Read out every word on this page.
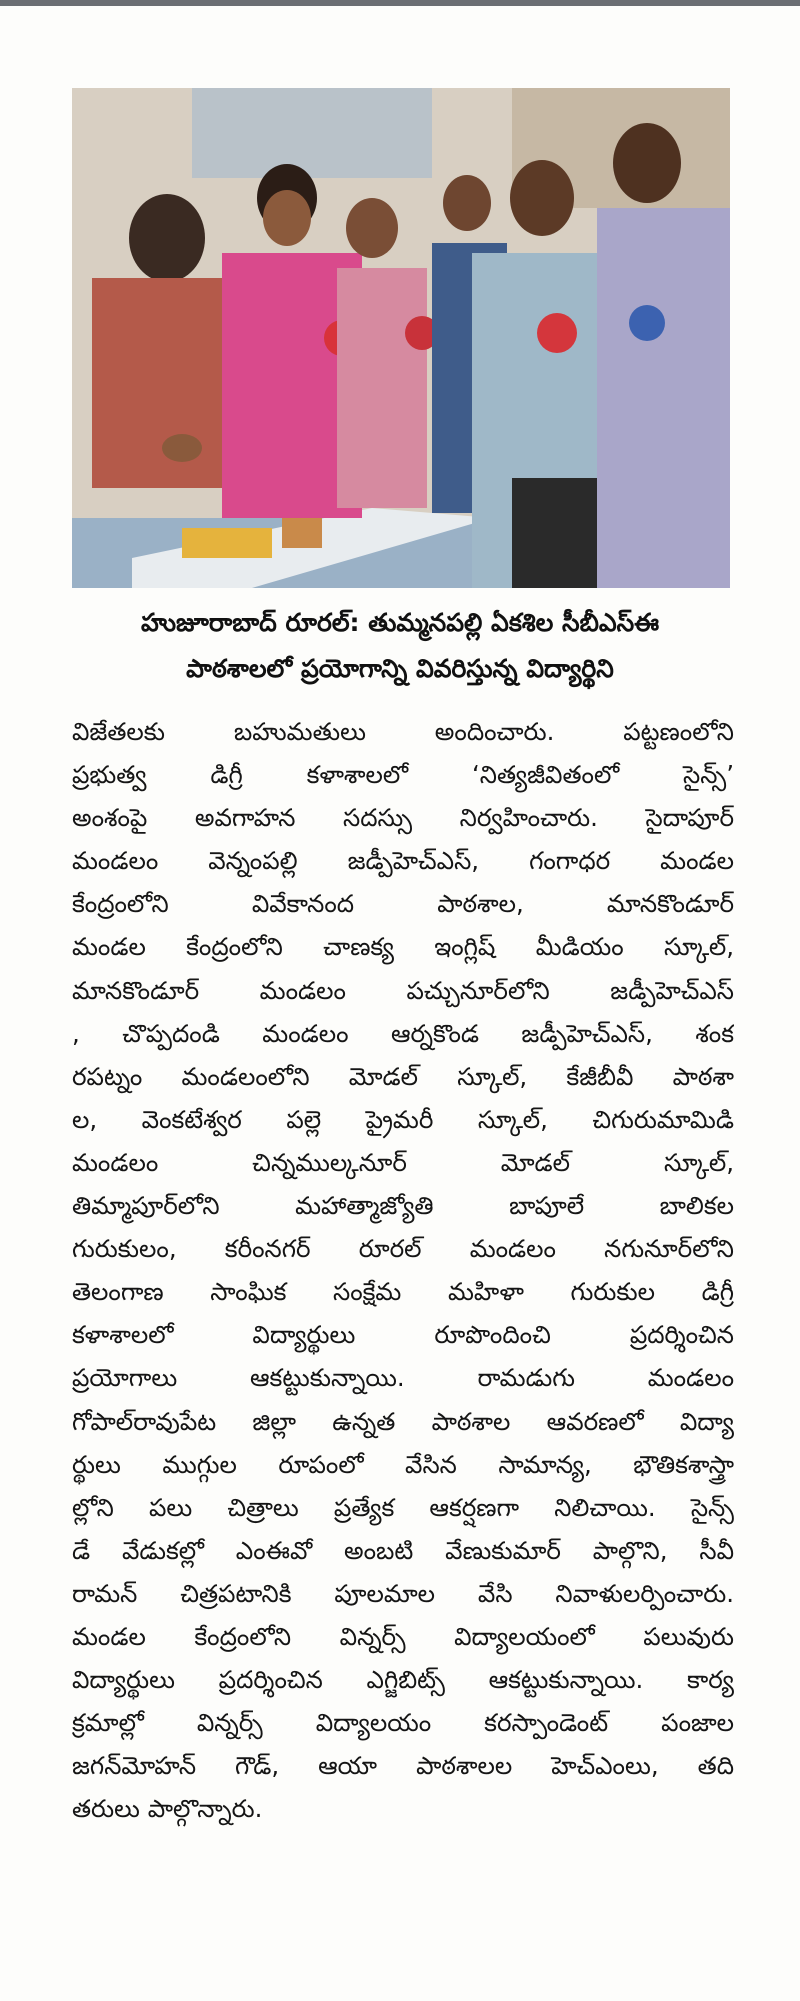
హుజూరాబాద్ రూరల్: తుమ్మనపల్లి ఏకశిల సీబీఎస్ఈ
పాఠశాలలో ప్రయోగాన్ని వివరిస్తున్న విద్యార్థిని
విజేతలకు బహుమతులు అందించారు. పట్టణంలోని
ప్రభుత్వ డిగ్రీ కళాశాలలో ‘నిత్యజీవితంలో సైన్స్’
అంశంపై అవగాహన సదస్సు నిర్వహించారు. సైదాపూర్
మండలం వెన్నంపల్లి జడ్పీహెచ్ఎస్, గంగాధర మండల
కేంద్రంలోని వివేకానంద పాఠశాల, మానకొండూర్
మండల కేంద్రంలోని చాణక్య ఇంగ్లిష్ మీడియం స్కూల్,
మానకొండూర్ మండలం పచ్చునూర్‌లోని జడ్పీహెచ్ఎస్
, చొప్పదండి మండలం ఆర్నకొండ జడ్పీహెచ్ఎస్, శంక
రపట్నం మండలంలోని మోడల్ స్కూల్, కేజీబీవీ పాఠశా
ల, వెంకటేశ్వర పల్లె ప్రైమరీ స్కూల్, చిగురుమామిడి
మండలం చిన్నముల్కనూర్ మోడల్ స్కూల్,
తిమ్మాపూర్‌లోని మహాత్మాజ్యోతి బాపూలే బాలికల
గురుకులం, కరీంనగర్ రూరల్ మండలం నగునూర్‌లోని
తెలంగాణ సాంఘిక సంక్షేమ మహిళా గురుకుల డిగ్రీ
కళాశాలలో విద్యార్థులు రూపొందించి ప్రదర్శించిన
ప్రయోగాలు ఆకట్టుకున్నాయి. రామడుగు మండలం
గోపాల్‌రావుపేట జిల్లా ఉన్నత పాఠశాల ఆవరణలో విద్యా
ర్థులు ముగ్గుల రూపంలో వేసిన సామాన్య, భౌతికశాస్త్రా
ల్లోని పలు చిత్రాలు ప్రత్యేక ఆకర్షణగా నిలిచాయి. సైన్స్
డే వేడుకల్లో ఎంఈవో అంబటి వేణుకుమార్ పాల్గొని, సీవీ
రామన్ చిత్రపటానికి పూలమాల వేసి నివాళులర్పించారు.
మండల కేంద్రంలోని విన్నర్స్ విద్యాలయంలో పలువురు
విద్యార్థులు ప్రదర్శించిన ఎగ్జిబిట్స్ ఆకట్టుకున్నాయి. కార్య
క్రమాల్లో విన్నర్స్ విద్యాలయం కరస్పాండెంట్ పంజాల
జగన్‌మోహన్ గౌడ్, ఆయా పాఠశాలల హెచ్‌ఎంలు, తది
తరులు పాల్గొన్నారు.
